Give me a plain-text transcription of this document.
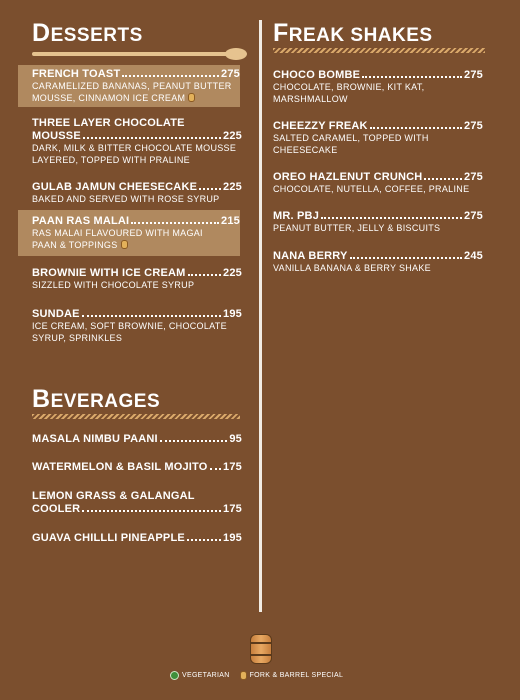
DESSERTS
FRENCH TOAST	275
CARAMELIZED BANANAS, PEANUT BUTTER MOUSSE, CINNAMON ICE CREAM
THREE LAYER CHOCOLATE
MOUSSE	225
DARK, MILK & BITTER CHOCOLATE MOUSSE LAYERED, TOPPED WITH PRALINE
GULAB JAMUN CHEESECAKE 225
BAKED AND SERVED WITH ROSE SYRUP
PAAN RAS MALAI	215
RAS MALAI FLAVOURED WITH MAGAI PAAN & TOPPINGS
BROWNIE WITH ICE CREAM	225
SIZZLED WITH CHOCOLATE SYRUP
SUNDAE	195
ICE CREAM, SOFT BROWNIE, CHOCOLATE SYRUP, SPRINKLES
BEVERAGES
MASALA NIMBU PAANI	95
WATERMELON & BASIL MOJITO 175
LEMON GRASS & GALANGAL
COOLER	175
GUAVA CHILLLI PINEAPPLE	195
FREAK SHAKES
CHOCO BOMBE	275
CHOCOLATE, BROWNIE, KIT KAT, MARSHMALLOW
CHEEZZY FREAK	275
SALTED CARAMEL, TOPPED WITH CHEESECAKE
OREO HAZLENUT CRUNCH	275
CHOCOLATE, NUTELLA, COFFEE, PRALINE
MR. PBJ	275
PEANUT BUTTER, JELLY & BISCUITS
NANA BERRY	245
VANILLA BANANA & BERRY SHAKE
VEGETARIAN	FORK & BARREL SPECIAL
